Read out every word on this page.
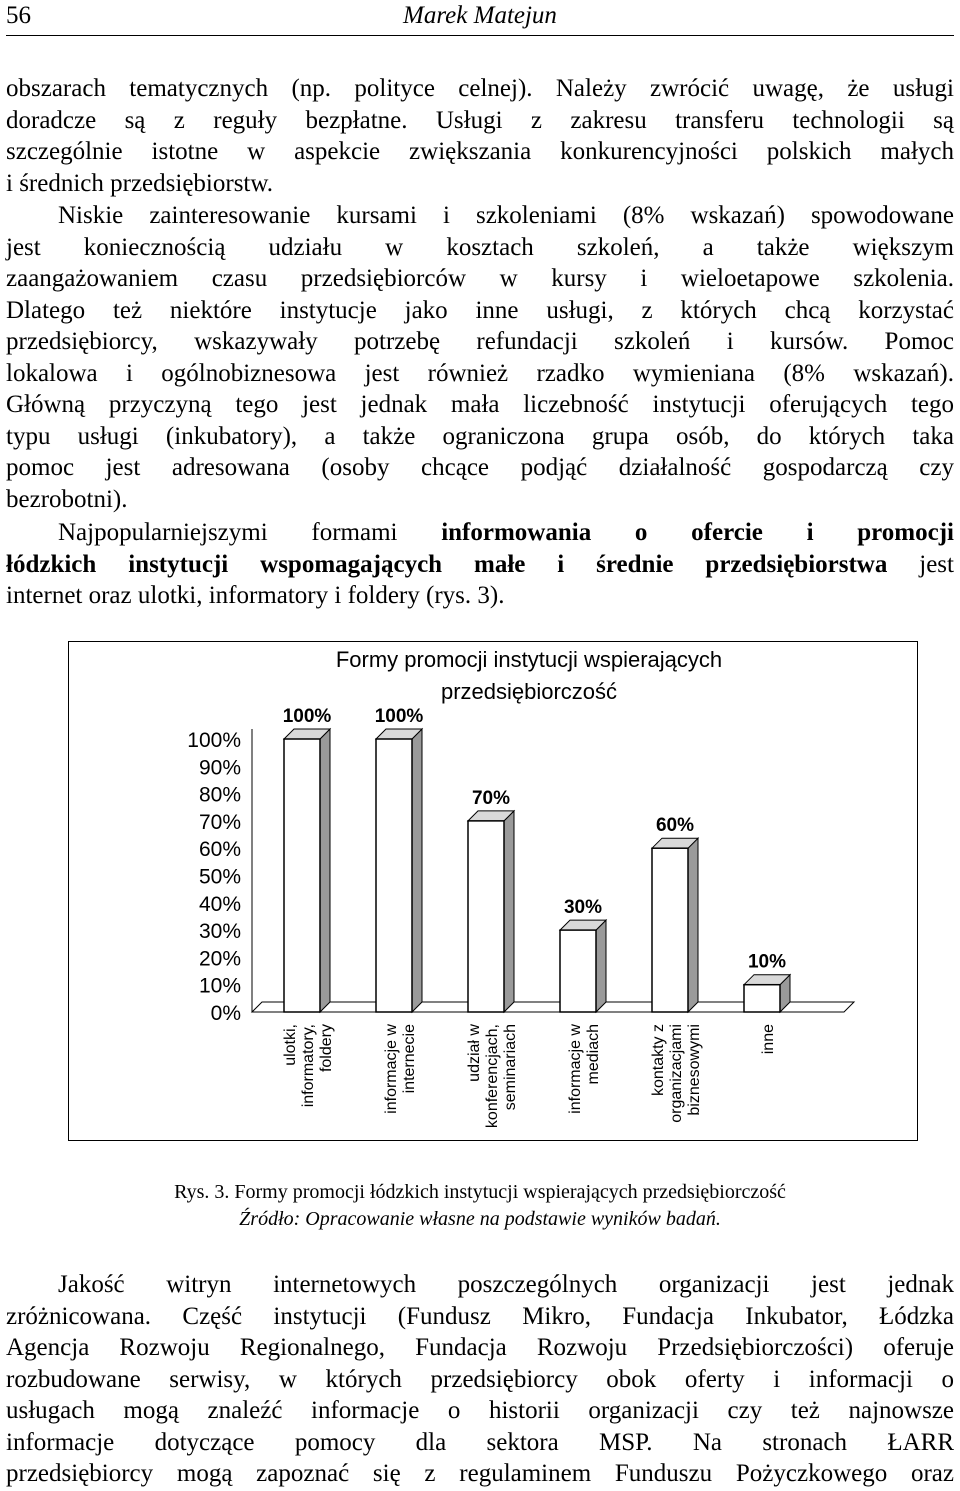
56	Marek Matejun
obszarach tematycznych (np. polityce celnej). Należy zwrócić uwagę, że usługi
doradcze są z reguły bezpłatne. Usługi z zakresu transferu technologii są
szczególnie istotne w aspekcie zwiększania konkurencyjności polskich małych
i średnich przedsiębiorstw.
Niskie zainteresowanie kursami i szkoleniami (8% wskazań) spowodowane
jest koniecznością udziału w kosztach szkoleń, a także większym
zaangażowaniem czasu przedsiębiorców w kursy i wieloetapowe szkolenia.
Dlatego też niektóre instytucje jako inne usługi, z których chcą korzystać
przedsiębiorcy, wskazywały potrzebę refundacji szkoleń i kursów. Pomoc
lokalowa i ogólnobiznesowa jest również rzadko wymieniana (8% wskazań).
Główną przyczyną tego jest jednak mała liczebność instytucji oferujących tego
typu usługi (inkubatory), a także ograniczona grupa osób, do których taka
pomoc jest adresowana (osoby chcące podjąć działalność gospodarczą czy
bezrobotni).
Najpopularniejszymi formami informowania o ofercie i promocji
łódzkich instytucji wspomagających małe i średnie przedsiębiorstwa jest
internet oraz ulotki, informatory i foldery (rys. 3).
Formy promocji instytucji wspierających
przedsiębiorczość
0%
10%
20%
30%
40%
50%
60%
70%
80%
90%
100%
100%
ulotki,informatory,foldery
100%
informacje winternecie
70%
udział wkonferencjach,seminariach
30%
informacje wmediach
60%
kontakty zorganizacjamibiznesowymi
10%
inne
Rys. 3. Formy promocji łódzkich instytucji wspierających przedsiębiorczość
Źródło: Opracowanie własne na podstawie wyników badań.
Jakość witryn internetowych poszczególnych organizacji jest jednak
zróżnicowana. Część instytucji (Fundusz Mikro, Fundacja Inkubator, Łódzka
Agencja Rozwoju Regionalnego, Fundacja Rozwoju Przedsiębiorczości) oferuje
rozbudowane serwisy, w których przedsiębiorcy obok oferty i informacji o
usługach mogą znaleźć informacje o historii organizacji czy też najnowsze
informacje dotyczące pomocy dla sektora MSP. Na stronach ŁARR
przedsiębiorcy mogą zapoznać się z regulaminem Funduszu Pożyczkowego oraz
